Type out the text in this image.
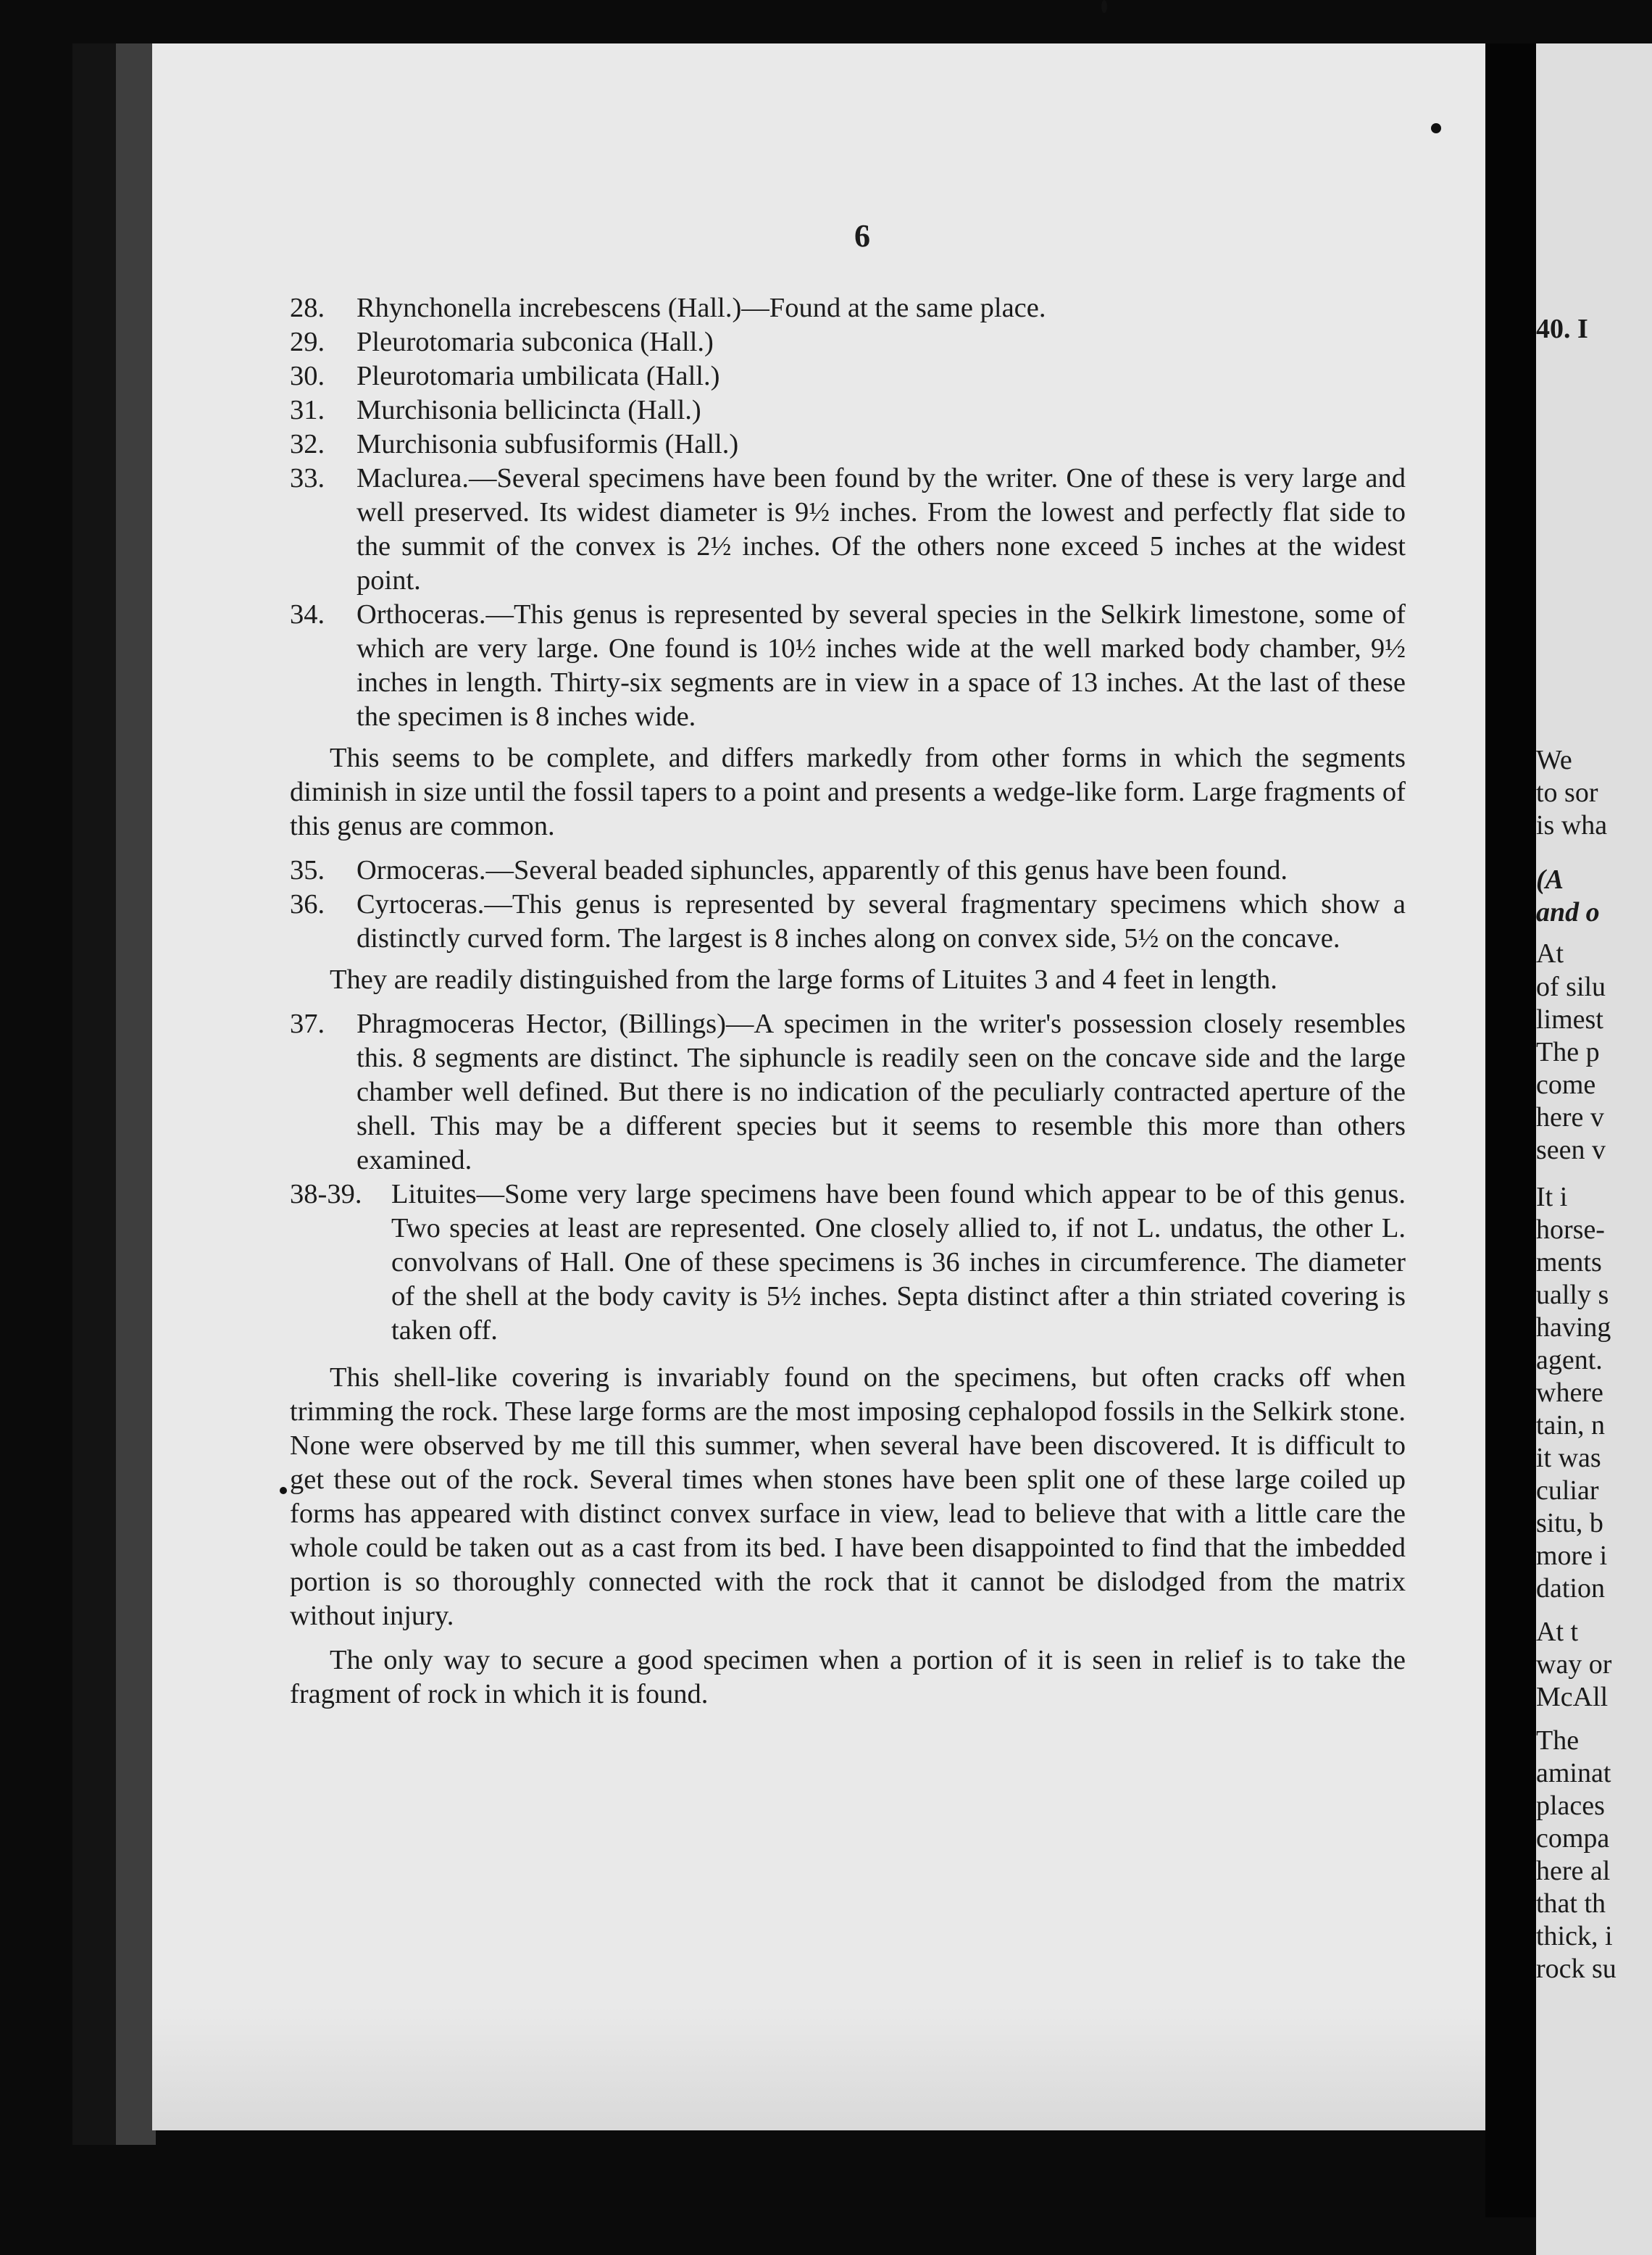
40. I
We
to sor
is wha
(A
and o
At
of silu
limest
The p
come
here v
seen v
It i
horse-
ments
ually s
having
agent.
where
tain, n
it was
culiar
situ, b
more i
dation
At t
way or
McAll
The
aminat
places
compa
here al
that th
thick, i
rock su
6
28.	Rhynchonella increbescens (Hall.)—Found at the same place.
29.	Pleurotomaria subconica (Hall.)
30.	Pleurotomaria umbilicata (Hall.)
31.	Murchisonia bellicincta (Hall.)
32.	Murchisonia subfusiformis (Hall.)
33.	Maclurea.—Several specimens have been found by the writer. One of these is very large and well preserved. Its widest diameter is 9½ inches. From the lowest and perfectly flat side to the summit of the convex is 2½ inches. Of the others none exceed 5 inches at the widest point.
34.	Orthoceras.—This genus is represented by several species in the Selkirk limestone, some of which are very large. One found is 10½ inches wide at the well marked body chamber, 9½ inches in length. Thirty-six segments are in view in a space of 13 inches. At the last of these the specimen is 8 inches wide.

This seems to be complete, and differs markedly from other forms in which the segments diminish in size until the fossil tapers to a point and presents a wedge-like form. Large fragments of this genus are common.

35.	Ormoceras.—Several beaded siphuncles, apparently of this genus have been found.
36.	Cyrtoceras.—This genus is represented by several fragmentary specimens which show a distinctly curved form. The largest is 8 inches along on convex side, 5½ on the concave.

They are readily distinguished from the large forms of Lituites 3 and 4 feet in length.

37.	Phragmoceras Hector, (Billings)—A specimen in the writer's possession closely resembles this. 8 segments are distinct. The siphuncle is readily seen on the concave side and the large chamber well defined. But there is no indication of the peculiarly contracted aperture of the shell. This may be a different species but it seems to resemble this more than others examined.
38-39.	Lituites—Some very large specimens have been found which appear to be of this genus. Two species at least are represented. One closely allied to, if not L. undatus, the other L. convolvans of Hall. One of these specimens is 36 inches in circumference. The diameter of the shell at the body cavity is 5½ inches. Septa distinct after a thin striated covering is taken off.

This shell-like covering is invariably found on the specimens, but often cracks off when trimming the rock. These large forms are the most imposing cephalopod fossils in the Selkirk stone. None were observed by me till this summer, when several have been discovered. It is difficult to get these out of the rock. Several times when stones have been split one of these large coiled up forms has appeared with distinct convex surface in view, lead to believe that with a little care the whole could be taken out as a cast from its bed. I have been disappointed to find that the imbedded portion is so thoroughly connected with the rock that it cannot be dislodged from the matrix without injury.

The only way to secure a good specimen when a portion of it is seen in relief is to take the fragment of rock in which it is found.
